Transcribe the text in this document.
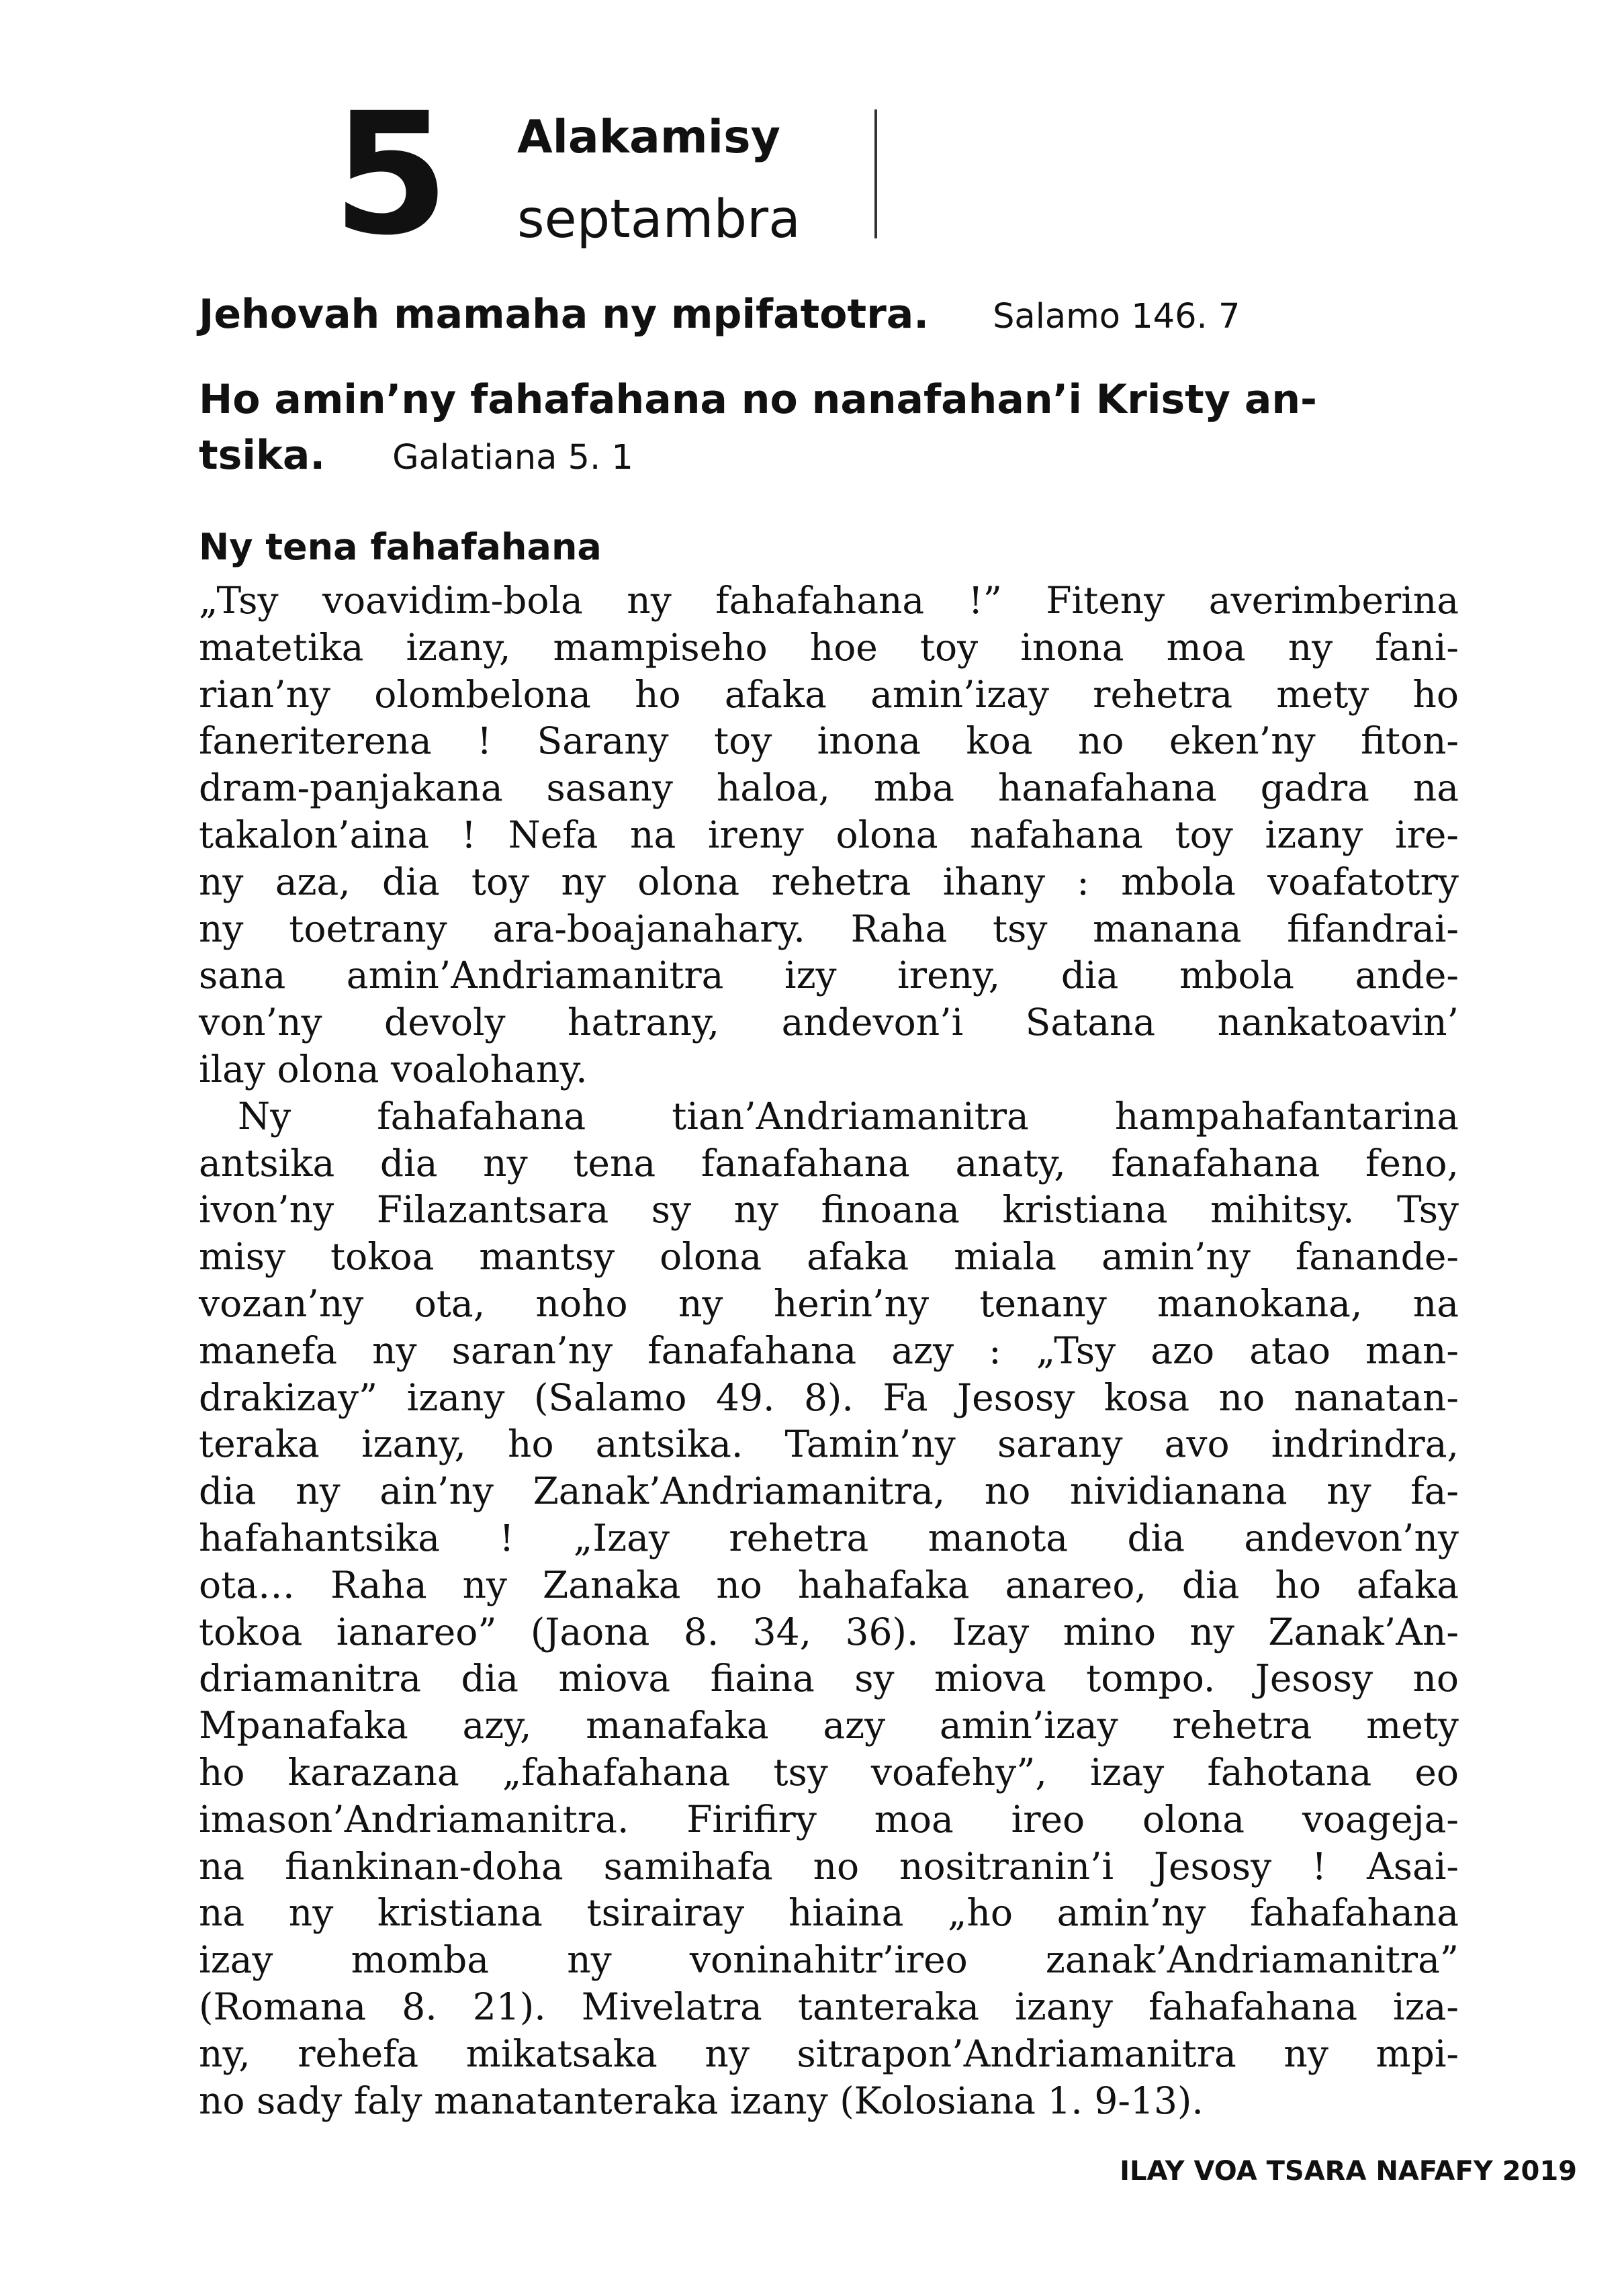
5 Alakamisy
septambra
Jehovah mamaha ny mpifatotra. Salamo 146. 7
Ho amin’ny fahafahana no nanafahan’i Kristy an-
tsika. Galatiana 5. 1
Ny tena fahafahana
„Tsy voavidim-bola ny fahafahana !” Fiteny averimberina
matetika izany, mampiseho hoe toy inona moa ny fani-
rian’ny olombelona ho afaka amin’izay rehetra mety ho
faneriterena ! Sarany toy inona koa no eken’ny fiton-
dram-panjakana sasany haloa, mba hanafahana gadra na
takalon’aina ! Nefa na ireny olona nafahana toy izany ire-
ny aza, dia toy ny olona rehetra ihany : mbola voafatotry
ny toetrany ara-boajanahary. Raha tsy manana fifandrai-
sana amin’Andriamanitra izy ireny, dia mbola ande-
von’ny devoly hatrany, andevon’i Satana nankatoavin’
ilay olona voalohany.
Ny fahafahana tian’Andriamanitra hampahafantarina
antsika dia ny tena fanafahana anaty, fanafahana feno,
ivon’ny Filazantsara sy ny finoana kristiana mihitsy. Tsy
misy tokoa mantsy olona afaka miala amin’ny fanande-
vozan’ny ota, noho ny herin’ny tenany manokana, na
manefa ny saran’ny fanafahana azy : „Tsy azo atao man-
drakizay” izany (Salamo 49. 8). Fa Jesosy kosa no nanatan-
teraka izany, ho antsika. Tamin’ny sarany avo indrindra,
dia ny ain’ny Zanak’Andriamanitra, no nividianana ny fa-
hafahantsika ! „Izay rehetra manota dia andevon’ny
ota… Raha ny Zanaka no hahafaka anareo, dia ho afaka
tokoa ianareo” (Jaona 8. 34, 36). Izay mino ny Zanak’An-
driamanitra dia miova fiaina sy miova tompo. Jesosy no
Mpanafaka azy, manafaka azy amin’izay rehetra mety
ho karazana „fahafahana tsy voafehy”, izay fahotana eo
imason’Andriamanitra. Firifiry moa ireo olona voageja-
na fiankinan-doha samihafa no nositranin’i Jesosy ! Asai-
na ny kristiana tsirairay hiaina „ho amin’ny fahafahana
izay momba ny voninahitr’ireo zanak’Andriamanitra”
(Romana 8. 21). Mivelatra tanteraka izany fahafahana iza-
ny, rehefa mikatsaka ny sitrapon’Andriamanitra ny mpi-
no sady faly manatanteraka izany (Kolosiana 1. 9-13).
ILAY VOA TSARA NAFAFY 2019
